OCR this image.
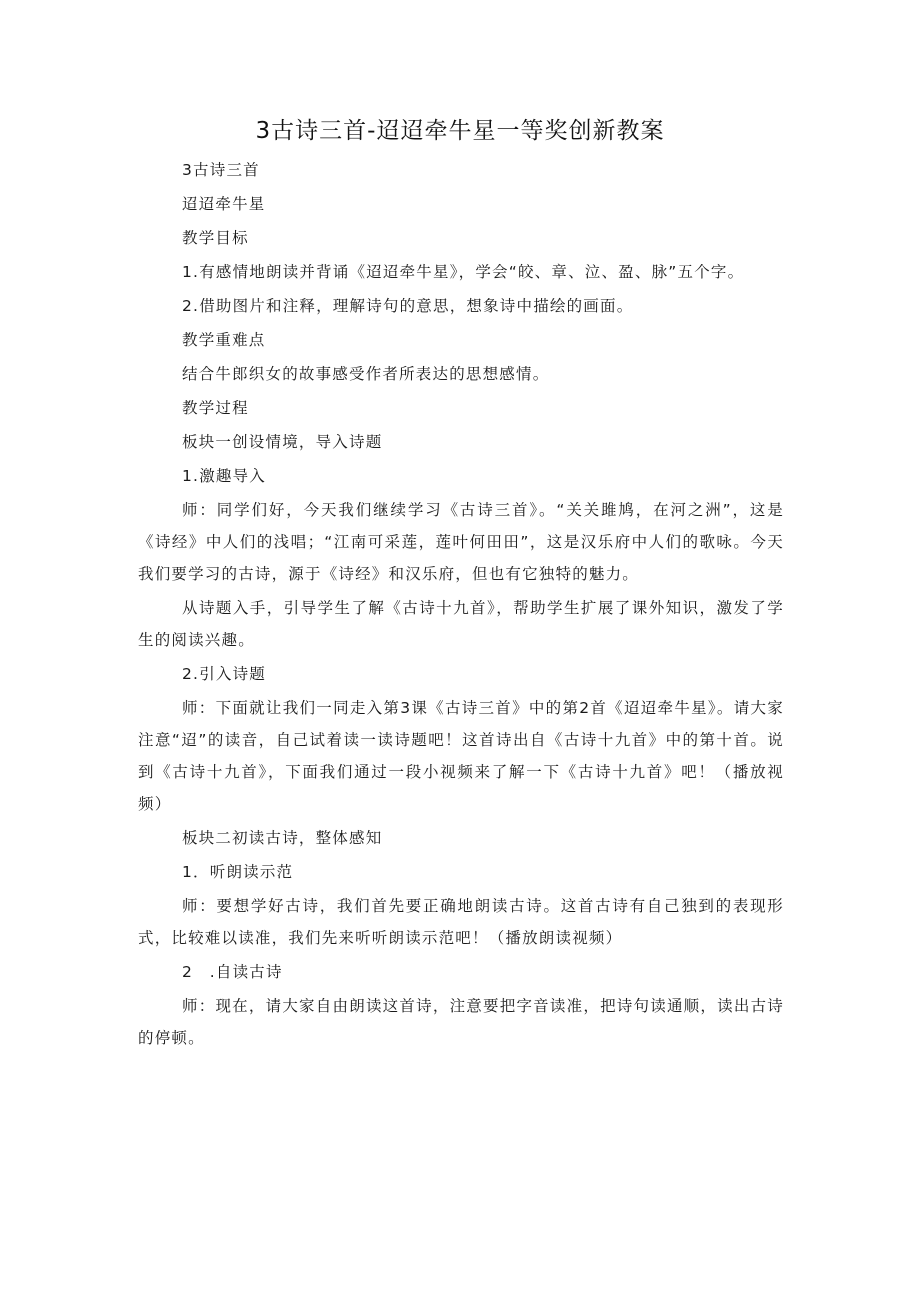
3古诗三首-迢迢牵牛星一等奖创新教案

3古诗三首

迢迢牵牛星

教学目标

1.有感情地朗读并背诵《迢迢牵牛星》，学会“皎、章、泣、盈、脉”五个字。

2.借助图片和注释，理解诗句的意思，想象诗中描绘的画面。

教学重难点

结合牛郎织女的故事感受作者所表达的思想感情。

教学过程

板块一创设情境，导入诗题

1.激趣导入

师：同学们好，今天我们继续学习《古诗三首》。“关关雎鸠，在河之洲”，这是《诗经》中人们的浅唱；“江南可采莲，莲叶何田田”，这是汉乐府中人们的歌咏。今天我们要学习的古诗，源于《诗经》和汉乐府，但也有它独特的魅力。

从诗题入手，引导学生了解《古诗十九首》，帮助学生扩展了课外知识，激发了学生的阅读兴趣。

2.引入诗题

师：下面就让我们一同走入第3课《古诗三首》中的第2首《迢迢牵牛星》。请大家注意“迢”的读音，自己试着读一读诗题吧！这首诗出自《古诗十九首》中的第十首。说到《古诗十九首》，下面我们通过一段小视频来了解一下《古诗十九首》吧！（播放视频）

板块二初读古诗，整体感知

1．听朗读示范

师：要想学好古诗，我们首先要正确地朗读古诗。这首古诗有自己独到的表现形式，比较难以读准，我们先来听听朗读示范吧！（播放朗读视频）

2　.自读古诗

师：现在，请大家自由朗读这首诗，注意要把字音读准，把诗句读通顺，读出古诗的停顿。
